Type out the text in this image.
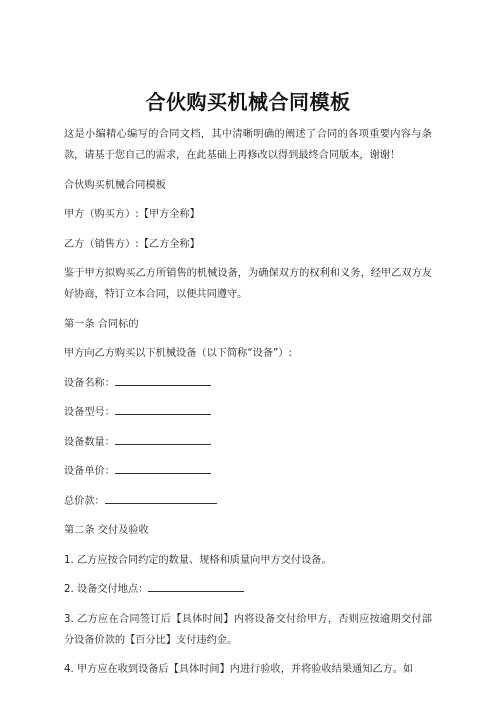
合伙购买机械合同模板

这是小编精心编写的合同文档，其中清晰明确的阐述了合同的各项重要内容与条款，请基于您自己的需求，在此基础上再修改以得到最终合同版本，谢谢！

合伙购买机械合同模板

甲方（购买方）:【甲方全称】

乙方（销售方）:【乙方全称】

鉴于甲方拟购买乙方所销售的机械设备，为确保双方的权利和义务，经甲乙双方友好协商，特订立本合同，以便共同遵守。

第一条 合同标的

甲方向乙方购买以下机械设备（以下简称“设备”）:

设备名称：

设备型号：

设备数量：

设备单价：

总价款：

第二条 交付及验收

1. 乙方应按合同约定的数量、规格和质量向甲方交付设备。

2. 设备交付地点：

3. 乙方应在合同签订后【具体时间】内将设备交付给甲方，否则应按逾期交付部分设备价款的【百分比】支付违约金。

4. 甲方应在收到设备后【具体时间】内进行验收，并将验收结果通知乙方。如
